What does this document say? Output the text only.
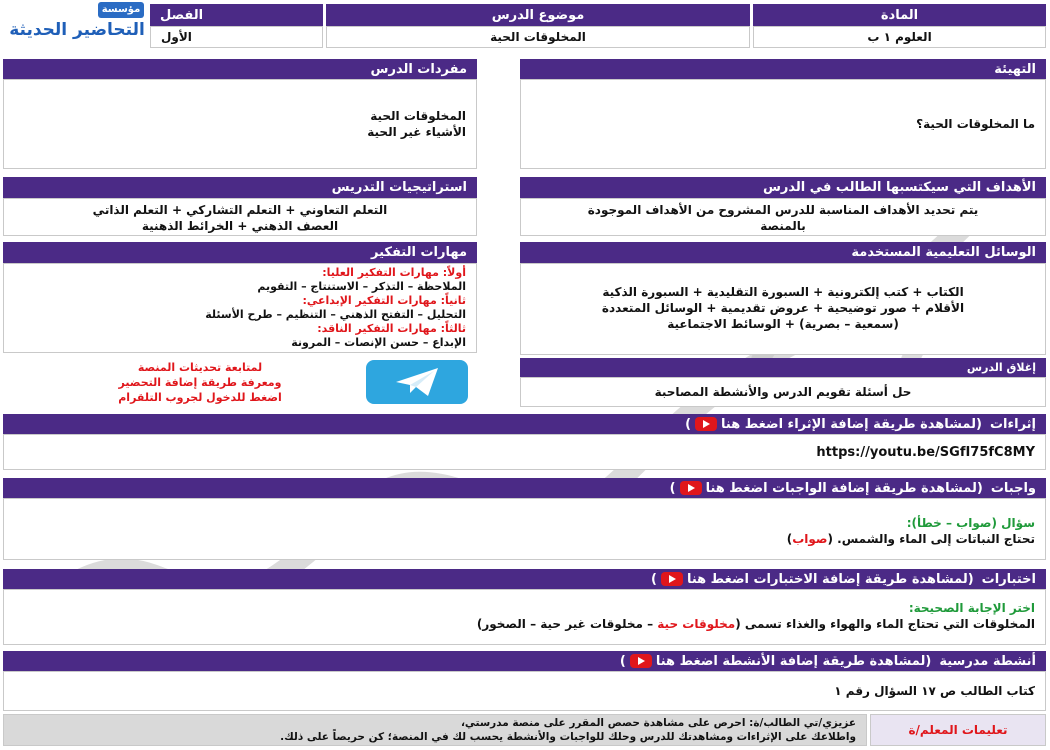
المادة
موضوع الدرس
الفصل
العلوم ١ ب
المخلوقات الحية
الأول
مؤسسة
التحاضير الحديثة
التهيئة
ما المخلوقات الحية؟
مفردات الدرس
المخلوقات الحية
الأشياء غير الحية
الأهداف التي سيكتسبها الطالب في الدرس
يتم تحديد الأهداف المناسبة للدرس المشروح من الأهداف الموجودة
بالمنصة
استراتيجيات التدريس
التعلم التعاوني + التعلم التشاركي + التعلم الذاتي
العصف الذهني + الخرائط الذهنية
الوسائل التعليمية المستخدمة
الكتاب + كتب إلكترونية + السبورة التقليدية + السبورة الذكية
الأقلام + صور توضيحية + عروض تقديمية + الوسائل المتعددة
(سمعية – بصرية) + الوسائط الاجتماعية
مهارات التفكير
أولاً: مهارات التفكير العليا:
الملاحظة – التذكر – الاستنتاج – التقويم
ثانياً: مهارات التفكير الإبداعي:
التحليل – التفتح الذهني – التنظيم – طرح الأسئلة
ثالثاً: مهارات التفكير الناقد:
الإبداع – حسن الإنصات – المرونة
لمتابعة تحديثات المنصة
ومعرفة طريقة إضافة التحضير
اضغط للدخول لجروب التلقرام
إغلاق الدرس
حل أسئلة تقويم الدرس والأنشطة المصاحبة
إثراءات
(لمشاهدة طريقة إضافة الإثراء اضغط هنا)
https://youtu.be/SGfI75fC8MY
واجبات
(لمشاهدة طريقة إضافة الواجبات اضغط هنا)
سؤال (صواب – خطأ):
تحتاج النباتات إلى الماء والشمس. (صواب)
اختبارات
(لمشاهدة طريقة إضافة الاختبارات اضغط هنا)
اختر الإجابة الصحيحة:
المخلوقات التي تحتاج الماء والهواء والغذاء تسمى (مخلوقات حية – مخلوقات غير حية – الصخور)
أنشطة مدرسية
(لمشاهدة طريقة إضافة الأنشطة اضغط هنا)
كتاب الطالب ص ١٧ السؤال رقم ١
تعليمات المعلم/ة
عزيزي/تي الطالب/ة: احرص على مشاهدة حصص المقرر على منصة مدرستي،
واطلاعك على الإثراءات ومشاهدتك للدرس وحلك للواجبات والأنشطة يحسب لك في المنصة؛ كن حريصاً على ذلك.
